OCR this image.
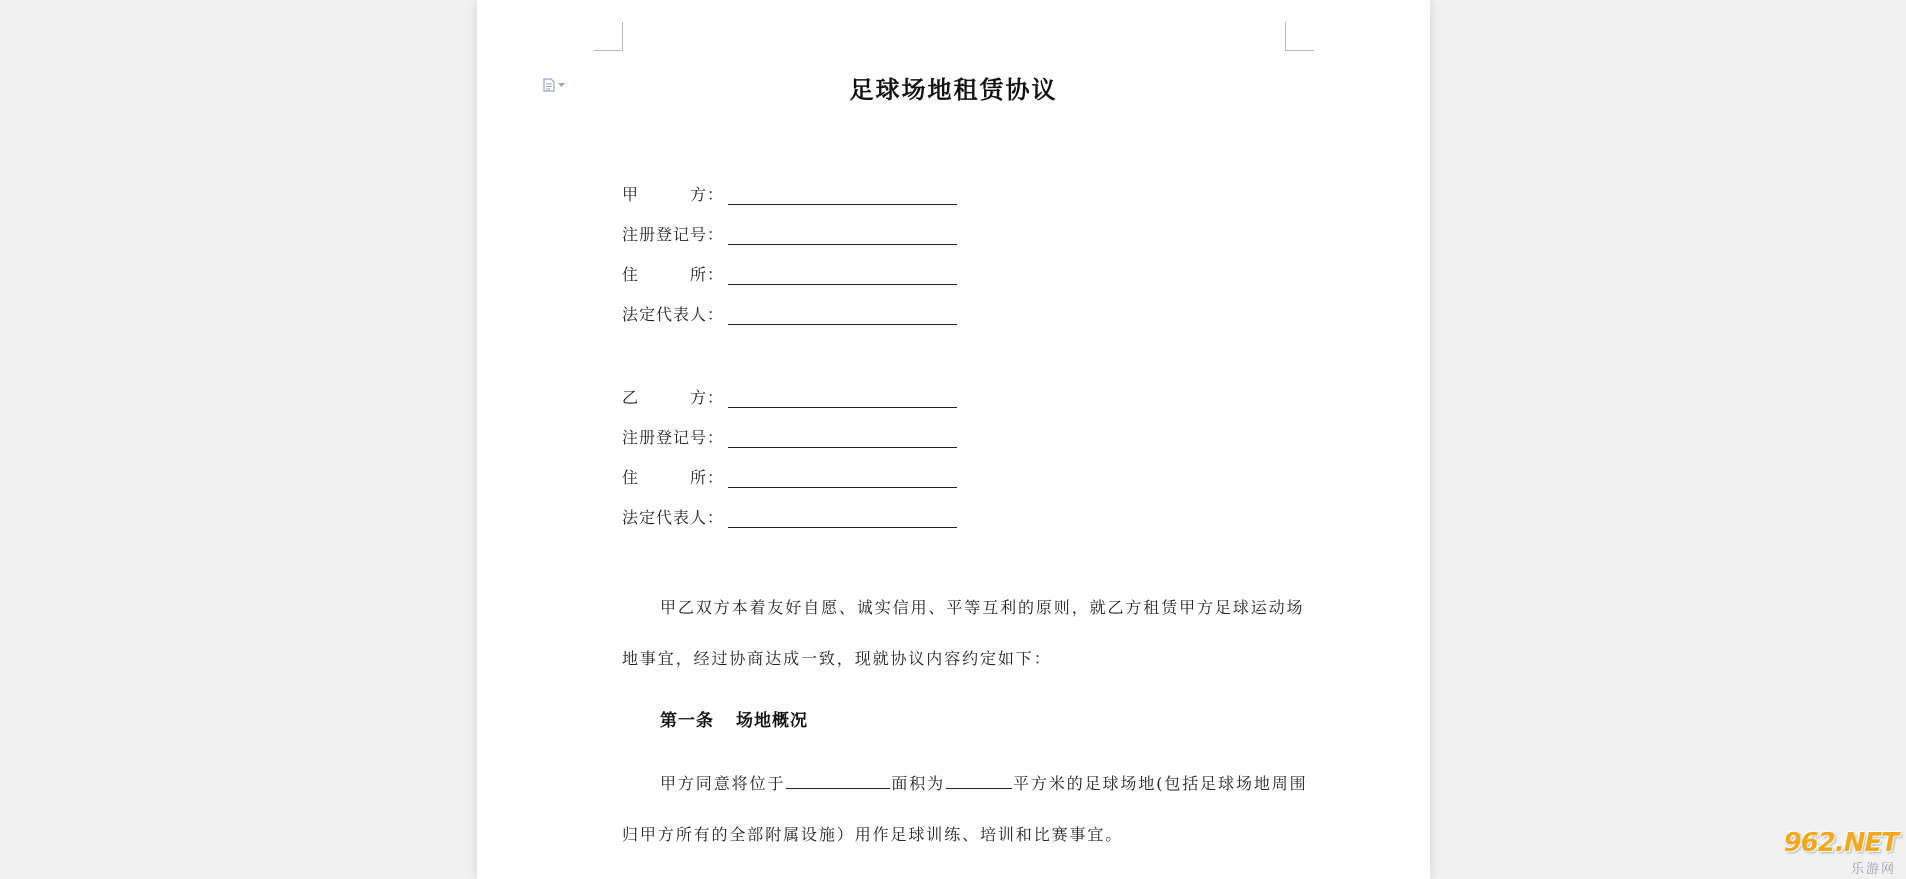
足球场地租赁协议
甲	方 ：
注册登记号 ：
住	所 ：
法定代表人 ：
乙	方 ：
注册登记号 ：
住	所 ：
法定代表人 ：
甲乙双方本着友好自愿、诚实信用、平等互利的原则，就乙方租赁甲方足球运动场地事宜，经过协商达成一致，现就协议内容约定如下：
第一条 场地概况
甲方同意将位于	面积为	平方米的足球场地(包括足球场地周围归甲方所有的全部附属设施）用作足球训练、培训和比赛事宜。	962.NET
乐游网
